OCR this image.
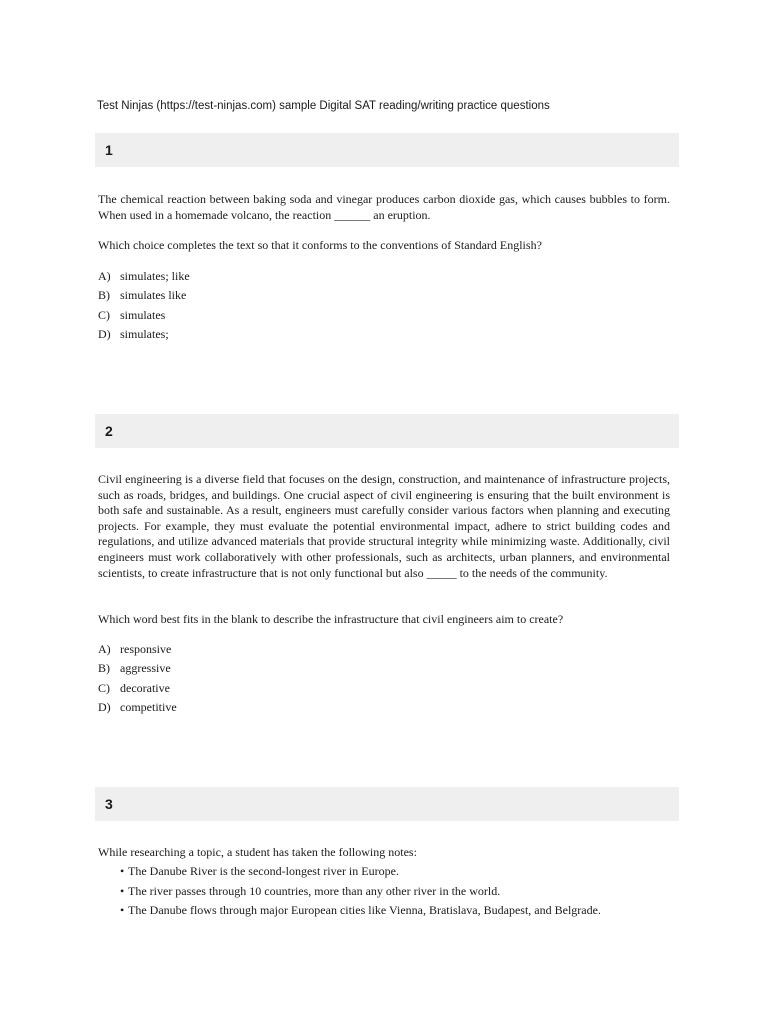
Test Ninjas (https://test-ninjas.com) sample Digital SAT reading/writing practice questions
1

The chemical reaction between baking soda and vinegar produces carbon dioxide gas, which causes bubbles to form. When used in a homemade volcano, the reaction ______ an eruption.

Which choice completes the text so that it conforms to the conventions of Standard English?

A) simulates; like
B) simulates like
C) simulates
D) simulates;
2

Civil engineering is a diverse field that focuses on the design, construction, and maintenance of infrastructure projects, such as roads, bridges, and buildings. One crucial aspect of civil engineering is ensuring that the built environment is both safe and sustainable. As a result, engineers must carefully consider various factors when planning and executing projects. For example, they must evaluate the potential environmental impact, adhere to strict building codes and regulations, and utilize advanced materials that provide structural integrity while minimizing waste. Additionally, civil engineers must work collaboratively with other professionals, such as architects, urban planners, and environmental scientists, to create infrastructure that is not only functional but also _____ to the needs of the community.

Which word best fits in the blank to describe the infrastructure that civil engineers aim to create?

A) responsive
B) aggressive
C) decorative
D) competitive
3
While researching a topic, a student has taken the following notes:
• The Danube River is the second-longest river in Europe.
• The river passes through 10 countries, more than any other river in the world.
• The Danube flows through major European cities like Vienna, Bratislava, Budapest, and Belgrade.
